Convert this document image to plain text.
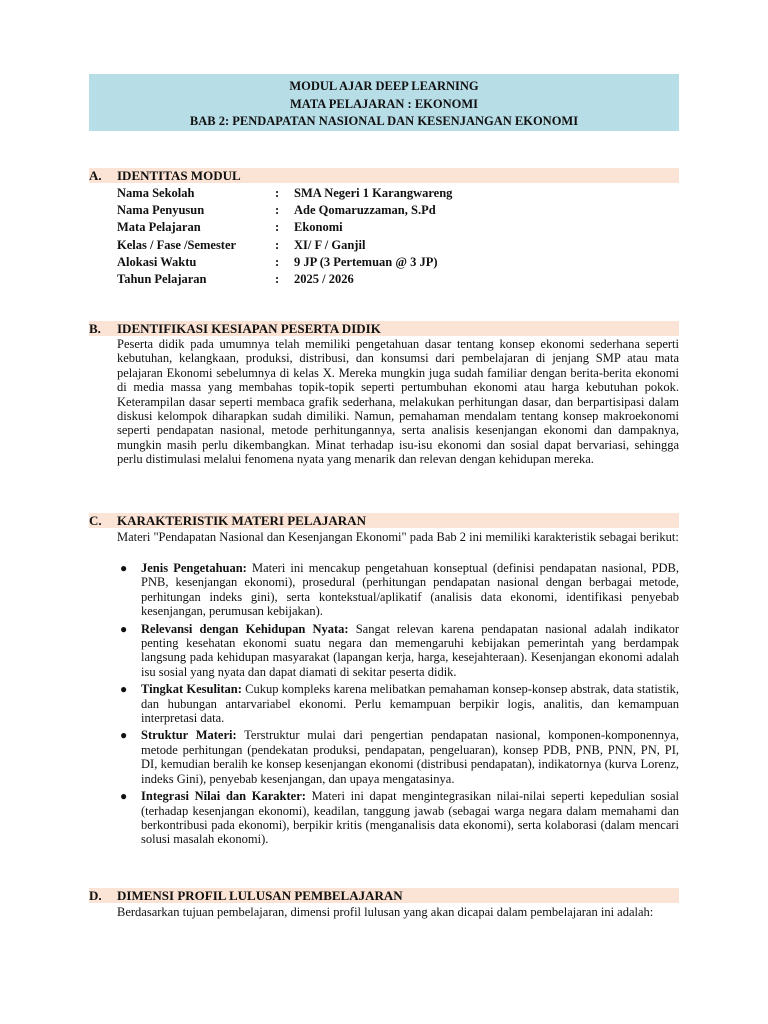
MODUL AJAR DEEP LEARNING
MATA PELAJARAN : EKONOMI
BAB 2: PENDAPATAN NASIONAL DAN KESENJANGAN EKONOMI
A. IDENTITAS MODUL
Nama Sekolah	: SMA Negeri 1 Karangwareng
Nama Penyusun	: Ade Qomaruzzaman, S.Pd
Mata Pelajaran	: Ekonomi
Kelas / Fase /Semester	: XI/ F / Ganjil
Alokasi Waktu	: 9 JP (3 Pertemuan @ 3 JP)
Tahun Pelajaran	: 2025 / 2026
B. IDENTIFIKASI KESIAPAN PESERTA DIDIK

Peserta didik pada umumnya telah memiliki pengetahuan dasar tentang konsep ekonomi sederhana seperti kebutuhan, kelangkaan, produksi, distribusi, dan konsumsi dari pembelajaran di jenjang SMP atau mata pelajaran Ekonomi sebelumnya di kelas X. Mereka mungkin juga sudah familiar dengan berita-berita ekonomi di media massa yang membahas topik-topik seperti pertumbuhan ekonomi atau harga kebutuhan pokok. Keterampilan dasar seperti membaca grafik sederhana, melakukan perhitungan dasar, dan berpartisipasi dalam diskusi kelompok diharapkan sudah dimiliki. Namun, pemahaman mendalam tentang konsep makroekonomi seperti pendapatan nasional, metode perhitungannya, serta analisis kesenjangan ekonomi dan dampaknya, mungkin masih perlu dikembangkan. Minat terhadap isu-isu ekonomi dan sosial dapat bervariasi, sehingga perlu distimulasi melalui fenomena nyata yang menarik dan relevan dengan kehidupan mereka.

C. KARAKTERISTIK MATERI PELAJARAN

Materi "Pendapatan Nasional dan Kesenjangan Ekonomi" pada Bab 2 ini memiliki karakteristik sebagai berikut:

● Jenis Pengetahuan: Materi ini mencakup pengetahuan konseptual (definisi pendapatan nasional, PDB, PNB, kesenjangan ekonomi), prosedural (perhitungan pendapatan nasional dengan berbagai metode, perhitungan indeks gini), serta kontekstual/aplikatif (analisis data ekonomi, identifikasi penyebab kesenjangan, perumusan kebijakan).
● Relevansi dengan Kehidupan Nyata: Sangat relevan karena pendapatan nasional adalah indikator penting kesehatan ekonomi suatu negara dan memengaruhi kebijakan pemerintah yang berdampak langsung pada kehidupan masyarakat (lapangan kerja, harga, kesejahteraan). Kesenjangan ekonomi adalah isu sosial yang nyata dan dapat diamati di sekitar peserta didik.
● Tingkat Kesulitan: Cukup kompleks karena melibatkan pemahaman konsep-konsep abstrak, data statistik, dan hubungan antarvariabel ekonomi. Perlu kemampuan berpikir logis, analitis, dan kemampuan interpretasi data.
● Struktur Materi: Terstruktur mulai dari pengertian pendapatan nasional, komponen-komponennya, metode perhitungan (pendekatan produksi, pendapatan, pengeluaran), konsep PDB, PNB, PNN, PN, PI, DI, kemudian beralih ke konsep kesenjangan ekonomi (distribusi pendapatan), indikatornya (kurva Lorenz, indeks Gini), penyebab kesenjangan, dan upaya mengatasinya.
● Integrasi Nilai dan Karakter: Materi ini dapat mengintegrasikan nilai-nilai seperti kepedulian sosial (terhadap kesenjangan ekonomi), keadilan, tanggung jawab (sebagai warga negara dalam memahami dan berkontribusi pada ekonomi), berpikir kritis (menganalisis data ekonomi), serta kolaborasi (dalam mencari solusi masalah ekonomi).
D. DIMENSI PROFIL LULUSAN PEMBELAJARAN

Berdasarkan tujuan pembelajaran, dimensi profil lulusan yang akan dicapai dalam pembelajaran ini adalah:
